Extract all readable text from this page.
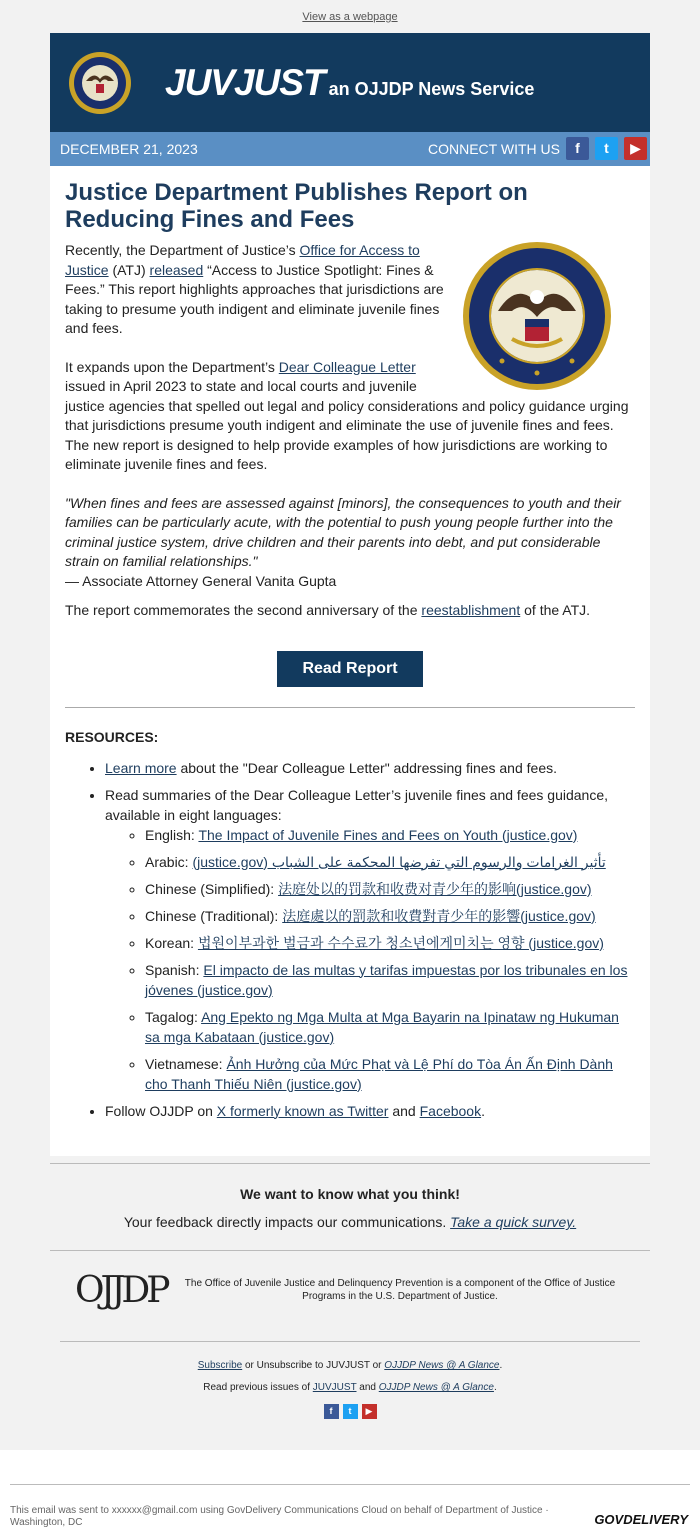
View as a webpage
JUVJUST an OJJDP News Service
DECEMBER 21, 2023	CONNECT WITH US	f	t	▶
Justice Department Publishes Report on Reducing Fines and Fees

Recently, the Department of Justice’s Office for Access to Justice (ATJ) released “Access to Justice Spotlight: Fines & Fees.” This report highlights approaches that jurisdictions are taking to presume youth indigent and eliminate juvenile fines and fees.

It expands upon the Department’s Dear Colleague Letter issued in April 2023 to state and local courts and juvenile justice agencies that spelled out legal and policy considerations and policy guidance urging that jurisdictions presume youth indigent and eliminate the use of juvenile fines and fees. The new report is designed to help provide examples of how jurisdictions are working to eliminate juvenile fines and fees.

"When fines and fees are assessed against [minors], the consequences to youth and their families can be particularly acute, with the potential to push young people further into the criminal justice system, drive children and their parents into debt, and put considerable strain on familial relationships."

— Associate Attorney General Vanita Gupta

The report commemorates the second anniversary of the reestablishment of the ATJ.

Read Report
RESOURCES:
• Learn more about the "Dear Colleague Letter" addressing fines and fees.
• Read summaries of the Dear Colleague Letter’s juvenile fines and fees guidance, available in eight languages:
◦ English: The Impact of Juvenile Fines and Fees on Youth (justice.gov)
◦ Arabic: تأثير الغرامات والرسوم التي تفرضها المحكمة على الشباب (justice.gov)
◦ Chinese (Simplified): 法庭处以的罚款和收费对青少年的影响(justice.gov)
◦ Chinese (Traditional): 法庭處以的罰款和收費對青少年的影響(justice.gov)
◦ Korean: 법원이부과한 벌금과 수수료가 청소년에게미치는 영향 (justice.gov)
◦ Spanish: El impacto de las multas y tarifas impuestas por los tribunales en los jóvenes (justice.gov)
◦ Tagalog: Ang Epekto ng Mga Multa at Mga Bayarin na Ipinataw ng Hukuman sa mga Kabataan (justice.gov)
◦ Vietnamese: Ảnh Hưởng của Mức Phạt và Lệ Phí do Tòa Án Ấn Định Dành cho Thanh Thiếu Niên (justice.gov)
• Follow OJJDP on X formerly known as Twitter and Facebook.
We want to know what you think!
Your feedback directly impacts our communications. Take a quick survey.
OJJDP	The Office of Juvenile Justice and Delinquency Prevention is a component of the Office of Justice Programs in the U.S. Department of Justice.
Subscribe or Unsubscribe to JUVJUST or OJJDP News @ A Glance.
Read previous issues of JUVJUST and OJJDP News @ A Glance.
f t ▶
This email was sent to xxxxxx@gmail.com using GovDelivery Communications Cloud on behalf of Department of Justice · Washington, DC	GOVDELIVERY
